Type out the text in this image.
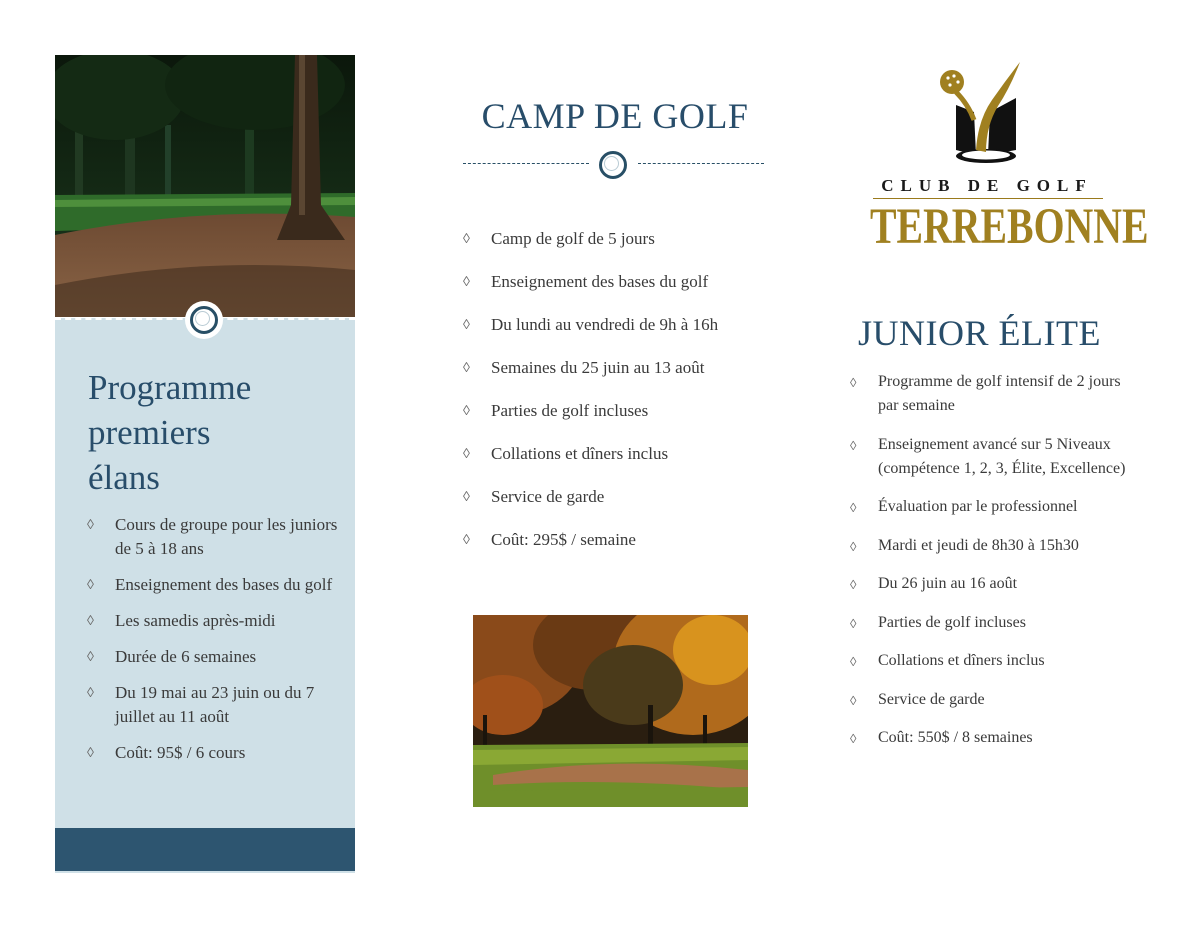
Programme
premiers
élans
◊ Cours de groupe pour les juniors de 5 à 18 ans
◊ Enseignement des bases du golf
◊ Les samedis après-midi
◊ Durée de 6 semaines
◊ Du 19 mai au 23 juin ou du 7 juillet au 11 août
◊ Coût: 95$ / 6 cours
CAMP DE GOLF
◊ Camp de golf de 5 jours
◊ Enseignement des bases du golf
◊ Du lundi au vendredi de 9h à 16h
◊ Semaines du 25 juin au 13 août
◊ Parties de golf incluses
◊ Collations et dîners inclus
◊ Service de garde
◊ Coût: 295$ / semaine
CLUB DE GOLF
TERREBONNE
JUNIOR ÉLITE
◊ Programme de golf intensif de 2 jours par semaine
◊ Enseignement avancé sur 5 Niveaux (compétence 1, 2, 3, Élite, Excellence)
◊ Évaluation par le professionnel
◊ Mardi et jeudi de 8h30 à 15h30
◊ Du 26 juin au 16 août
◊ Parties de golf incluses
◊ Collations et dîners inclus
◊ Service de garde
◊ Coût: 550$ / 8 semaines
